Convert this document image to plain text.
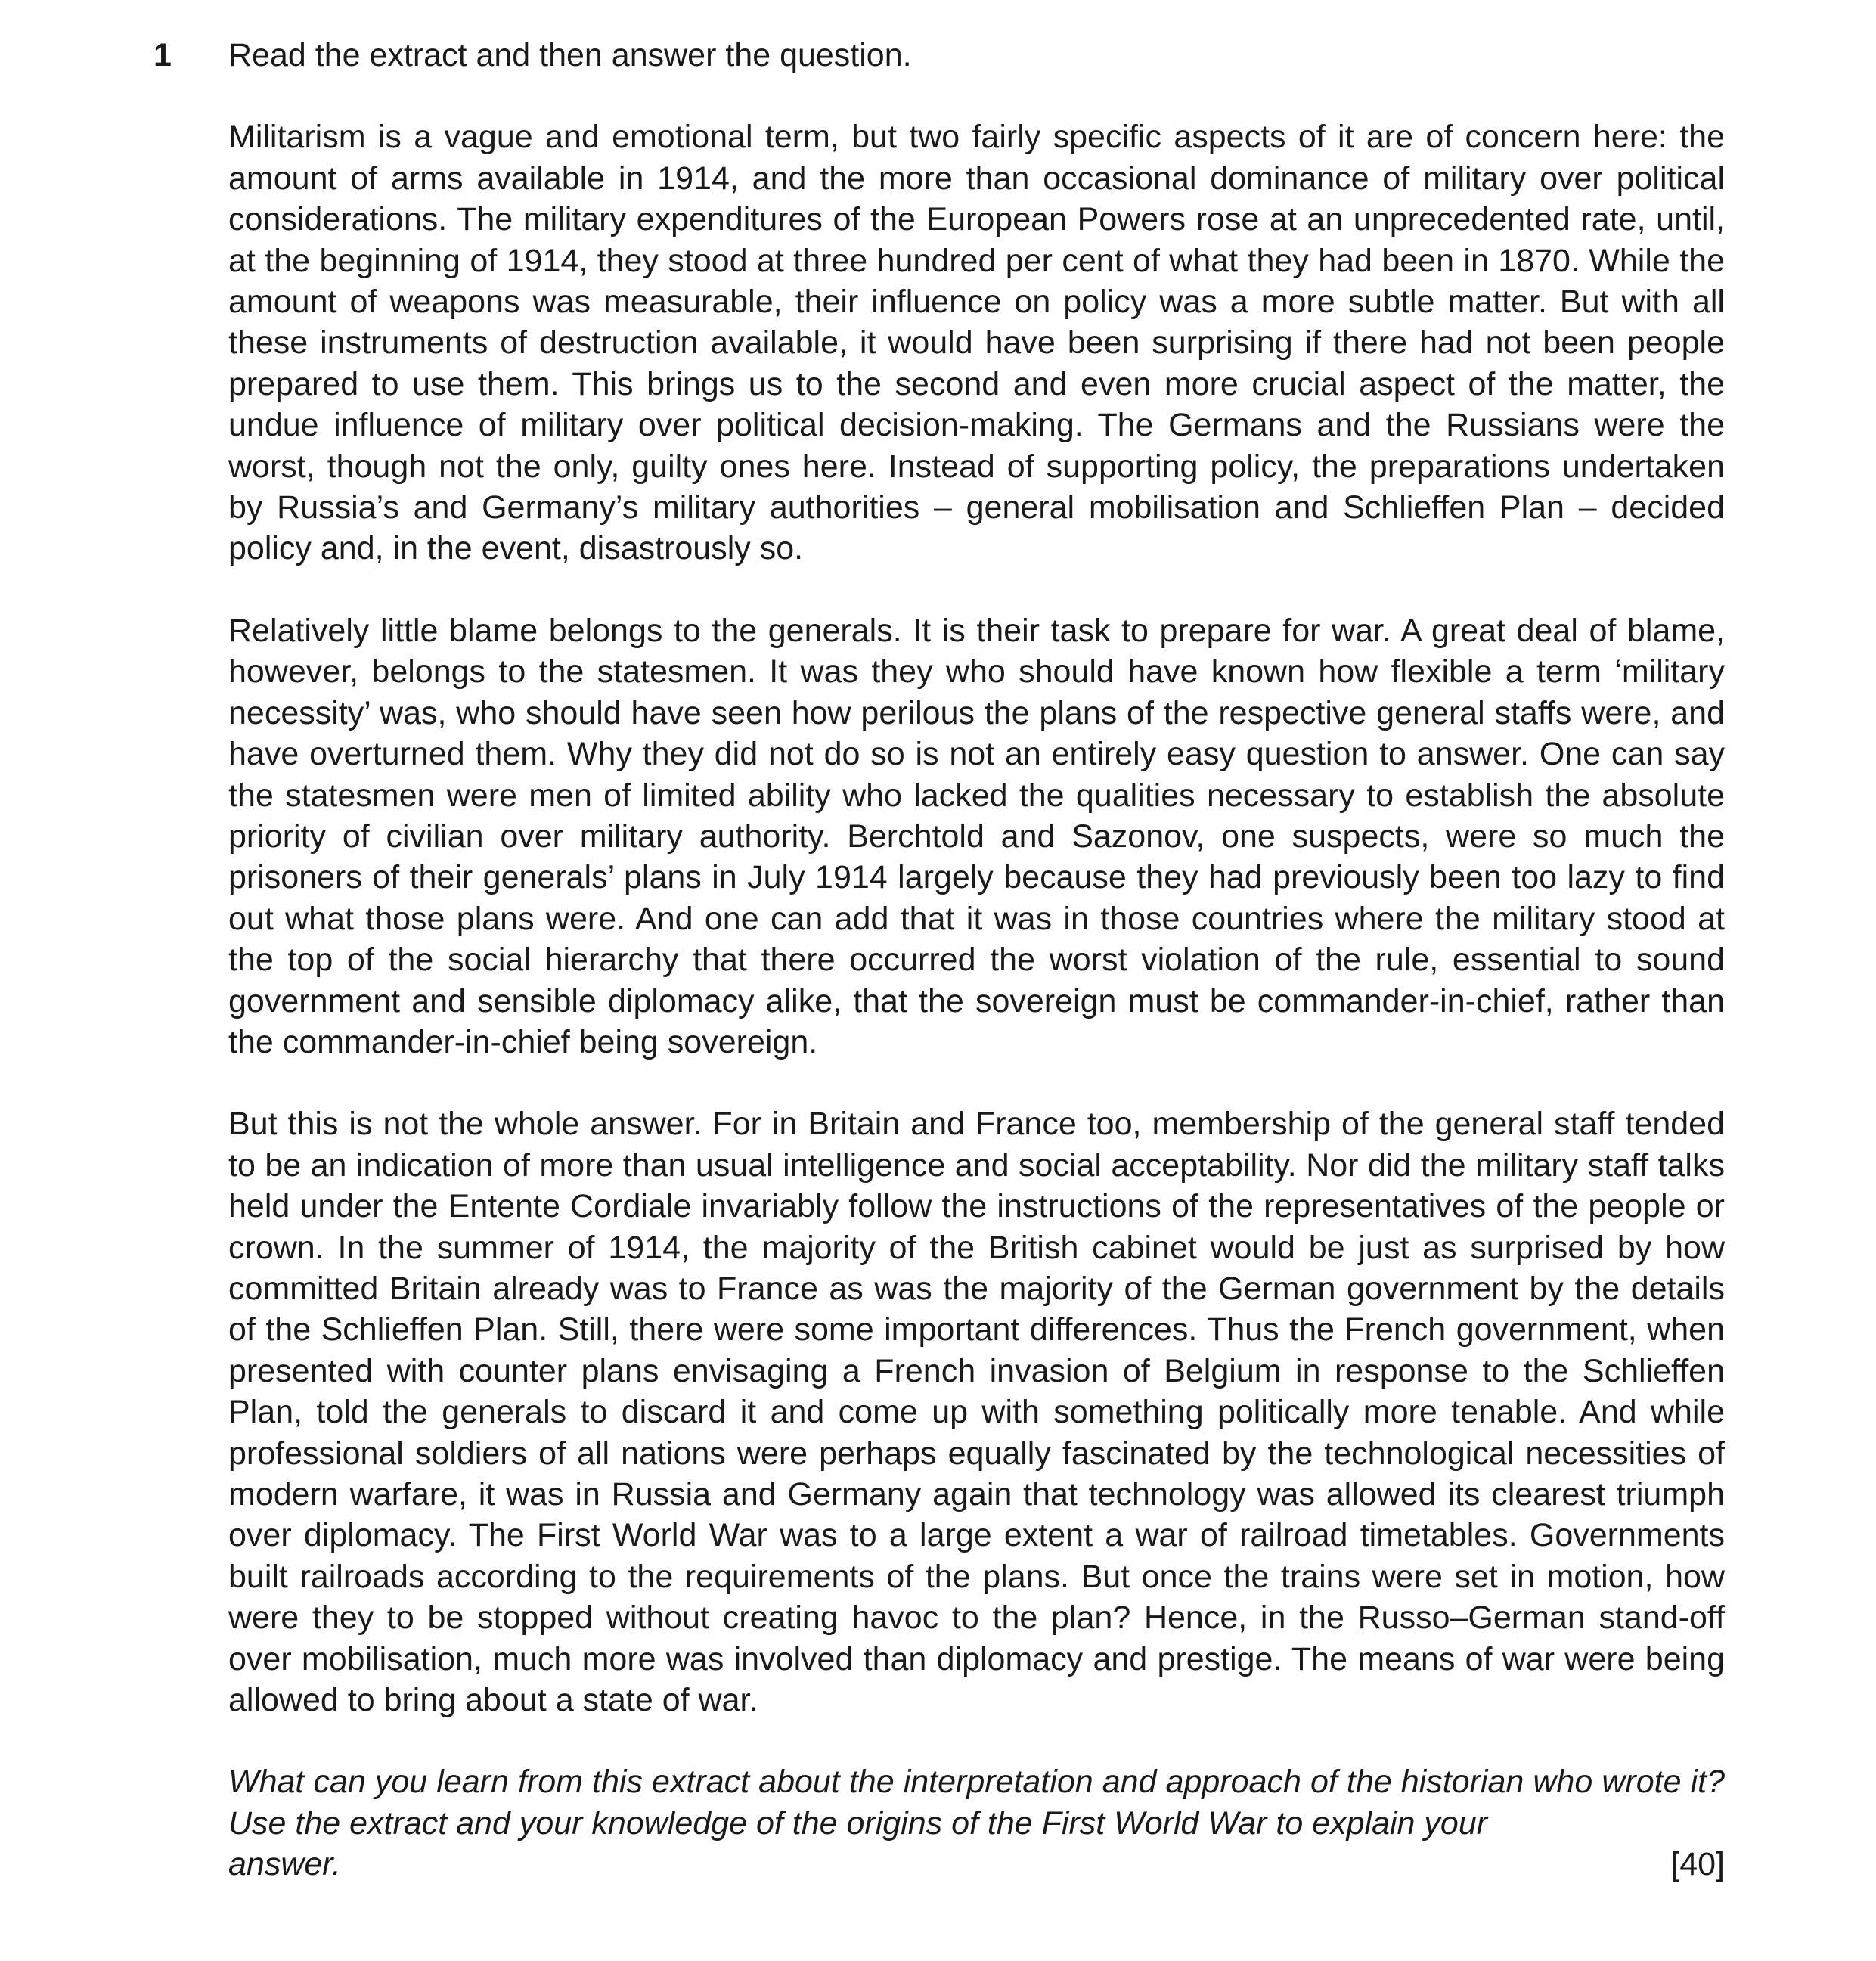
1 Read the extract and then answer the question.

Militarism is a vague and emotional term, but two fairly specific aspects of it are of concern here: the amount of arms available in 1914, and the more than occasional dominance of military over political considerations. The military expenditures of the European Powers rose at an unprecedented rate, until, at the beginning of 1914, they stood at three hundred per cent of what they had been in 1870. While the amount of weapons was measurable, their influence on policy was a more subtle matter. But with all these instruments of destruction available, it would have been surprising if there had not been people prepared to use them. This brings us to the second and even more crucial aspect of the matter, the undue influence of military over political decision-making. The Germans and the Russians were the worst, though not the only, guilty ones here. Instead of supporting policy, the preparations undertaken by Russia’s and Germany’s military authorities – general mobilisation and Schlieffen Plan – decided policy and, in the event, disastrously so.

Relatively little blame belongs to the generals. It is their task to prepare for war. A great deal of blame, however, belongs to the statesmen. It was they who should have known how flexible a term ‘military necessity’ was, who should have seen how perilous the plans of the respective general staffs were, and have overturned them. Why they did not do so is not an entirely easy question to answer. One can say the statesmen were men of limited ability who lacked the qualities necessary to establish the absolute priority of civilian over military authority. Berchtold and Sazonov, one suspects, were so much the prisoners of their generals’ plans in July 1914 largely because they had previously been too lazy to find out what those plans were. And one can add that it was in those countries where the military stood at the top of the social hierarchy that there occurred the worst violation of the rule, essential to sound government and sensible diplomacy alike, that the sovereign must be commander-in-chief, rather than the commander-in-chief being sovereign.

But this is not the whole answer. For in Britain and France too, membership of the general staff tended to be an indication of more than usual intelligence and social acceptability. Nor did the military staff talks held under the Entente Cordiale invariably follow the instructions of the representatives of the people or crown. In the summer of 1914, the majority of the British cabinet would be just as surprised by how committed Britain already was to France as was the majority of the German government by the details of the Schlieffen Plan. Still, there were some important differences. Thus the French government, when presented with counter plans envisaging a French invasion of Belgium in response to the Schlieffen Plan, told the generals to discard it and come up with something politically more tenable. And while professional soldiers of all nations were perhaps equally fascinated by the technological necessities of modern warfare, it was in Russia and Germany again that technology was allowed its clearest triumph over diplomacy. The First World War was to a large extent a war of railroad timetables. Governments built railroads according to the requirements of the plans. But once the trains were set in motion, how were they to be stopped without creating havoc to the plan? Hence, in the Russo–German stand-off over mobilisation, much more was involved than diplomacy and prestige. The means of war were being allowed to bring about a state of war.

What can you learn from this extract about the interpretation and approach of the historian who wrote it? Use the extract and your knowledge of the origins of the First World War to explain your

answer.	[40]
